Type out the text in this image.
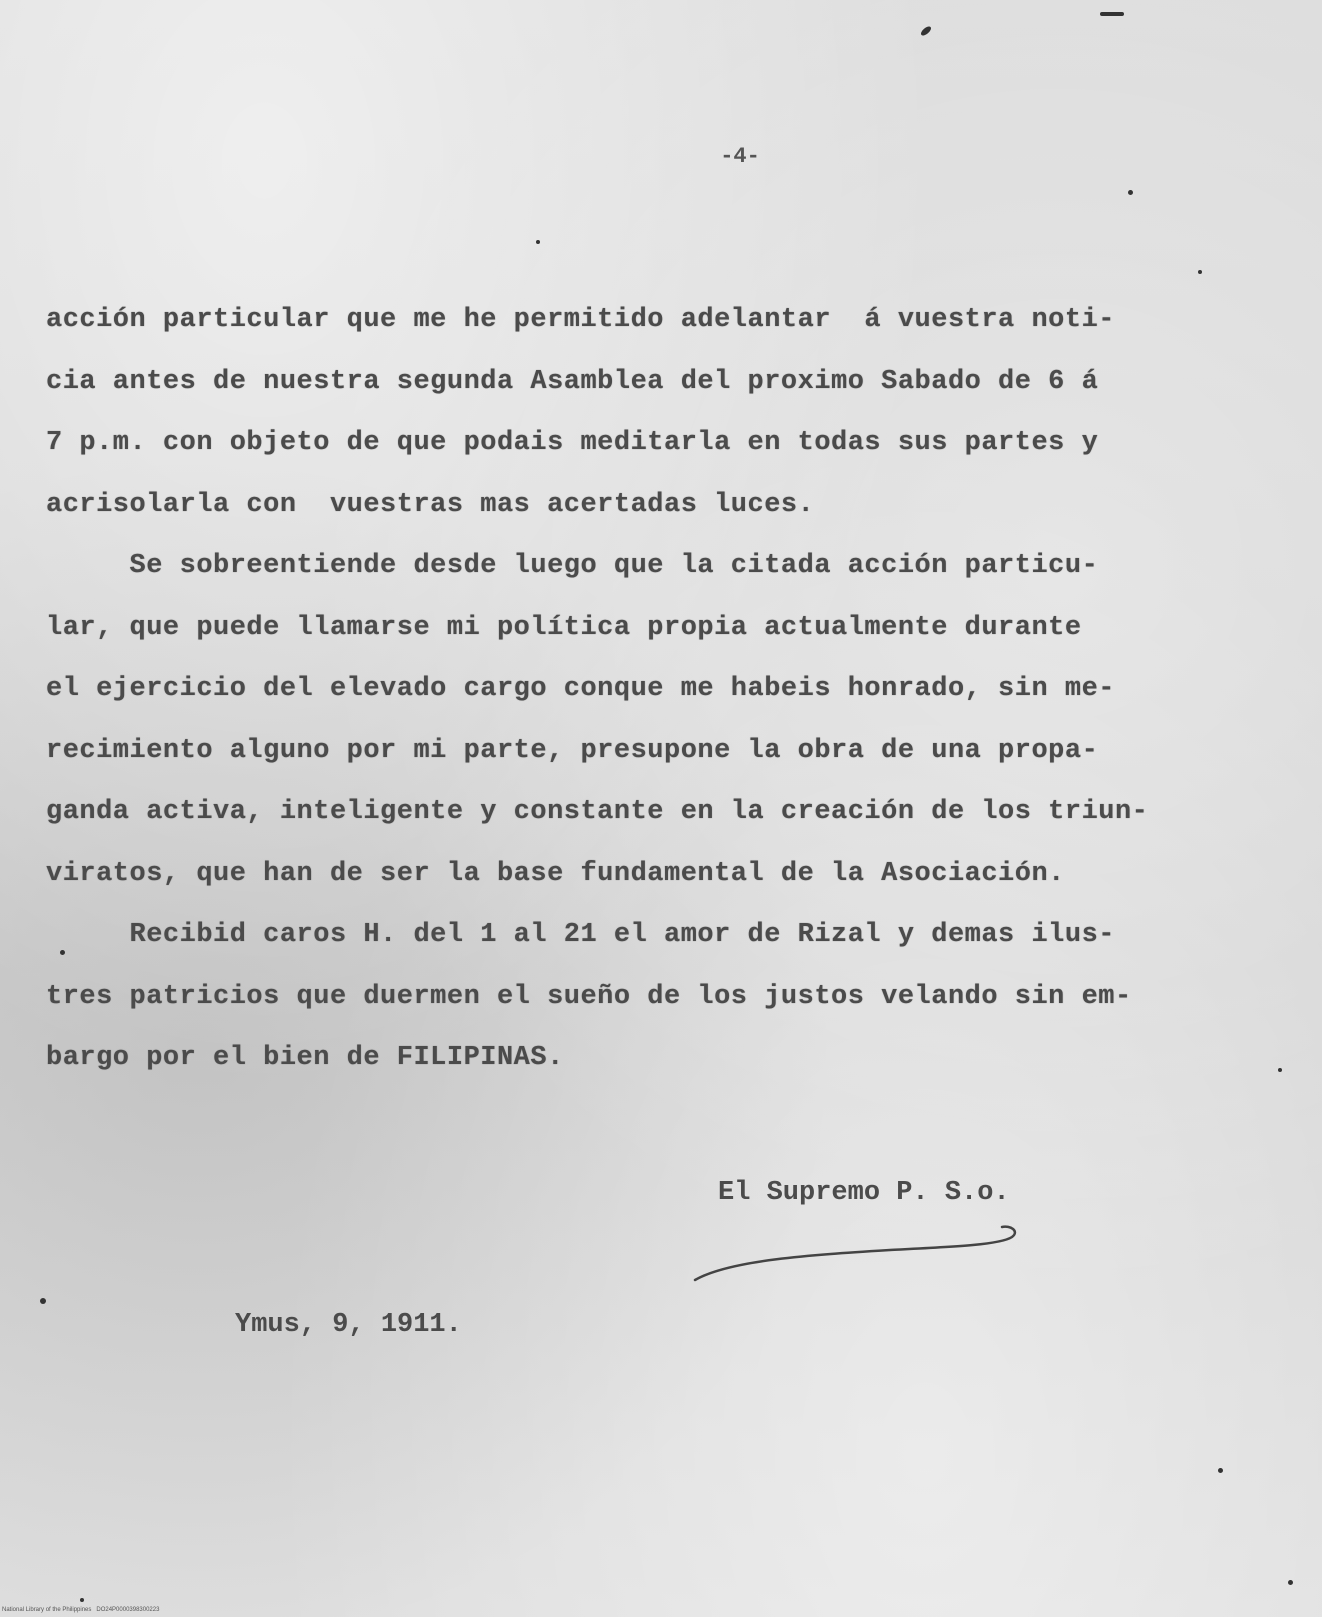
-4-

acción particular que me he permitido adelantar  á vuestra noti-

cia antes de nuestra segunda Asamblea del proximo Sabado de 6 á

7 p.m. con objeto de que podais meditarla en todas sus partes y

acrisolarla con  vuestras mas acertadas luces.

Se sobreentiende desde luego que la citada acción particu-

lar, que puede llamarse mi política propia actualmente durante

el ejercicio del elevado cargo conque me habeis honrado, sin me-

recimiento alguno por mi parte, presupone la obra de una propa-

ganda activa, inteligente y constante en la creación de los triun-

viratos, que han de ser la base fundamental de la Asociación.

Recibid caros H. del 1 al 21 el amor de Rizal y demas ilus-

tres patricios que duermen el sueño de los justos velando sin em-

bargo por el bien de FILIPINAS.

El Supremo P. S.o.

Ymus, 9, 1911.

National Library of the Philippines   DO24P0000398300223
